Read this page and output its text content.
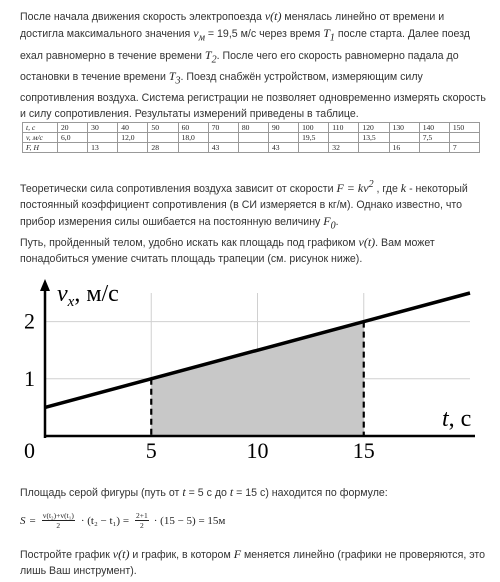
После начала движения скорость электропоезда v(t) менялась линейно от времени и достигла максимального значения $v_м = 19,5$ м/с через время $T_1$ после старта. Далее поезд ехал равномерно в течение времени $T_2$. После чего его скорость равномерно падала до остановки в течение времени $T_3$. Поезд снабжён устройством, измеряющим силу сопротивления воздуха. Система регистрации не позволяет одновременно измерять скорость и силу сопротивления. Результаты измерений приведены в таблице.
t, c	20	30	40	50	60	70	80	90	100	110	120	130	140	150
v, м/с	6,0		12,0		18,0				19,5		13,5		7,5	
F, Н		13		28		43		43		32		16		7
Теоретически сила сопротивления воздуха зависит от скорости $F = kv^2$ , где k - некоторый постоянный коэффициент сопротивления (в СИ измеряется в кг/м). Однако известно, что прибор измерения силы ошибается на постоянную величину $F_0$.
Путь, пройденный телом, удобно искать как площадь под графиком v(t). Вам может понадобиться умение считать площадь трапеции (см. рисунок ниже).
5	10	15
1
2
0
$v_x$, м/с
t, с
Площадь серой фигуры (путь от t = 5 с до t = 15 с) находится по формуле:
$S = \frac{\text{v(t₂)+v(t₁)}}{2} \cdot (t_2 - t_1) = \frac{2+1}{2} \cdot (15 - 5) = 15м$
Постройте график v(t) и график, в котором F меняется линейно (графики не проверяются, это лишь Ваш инструмент).
